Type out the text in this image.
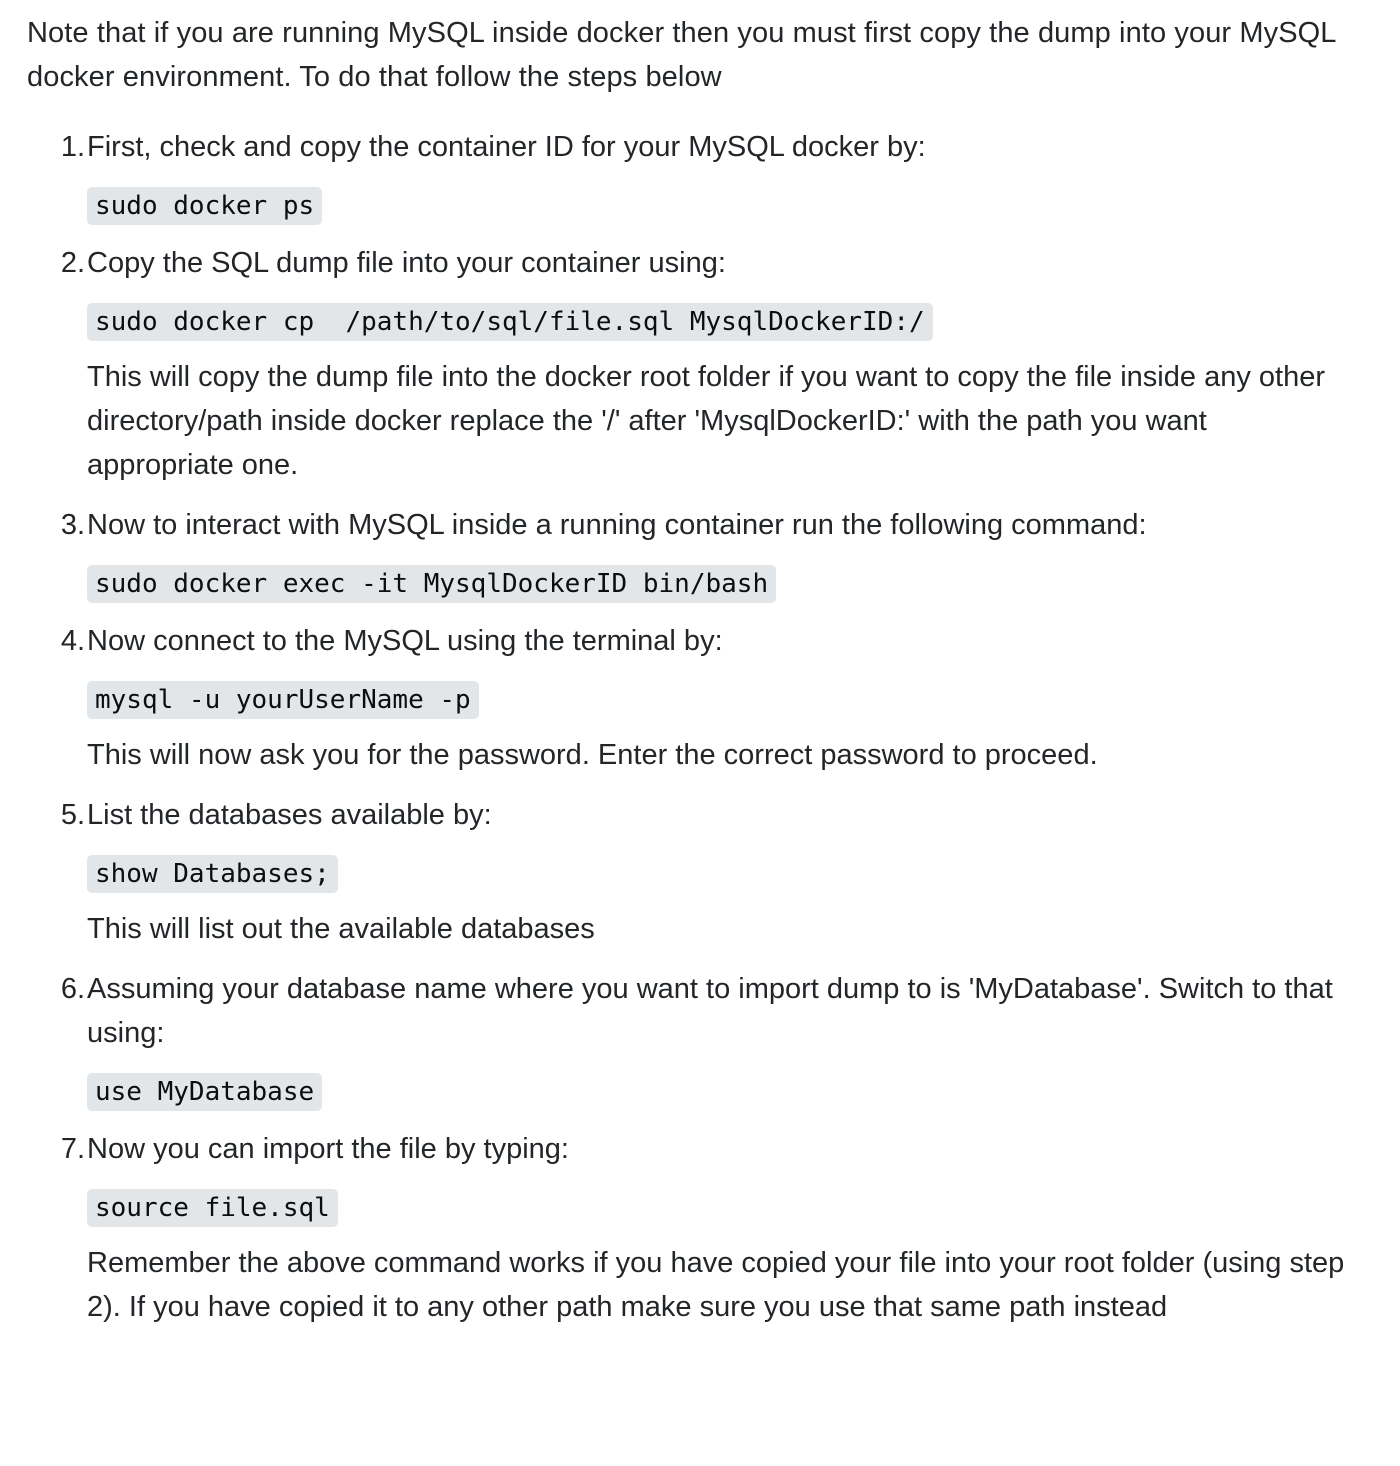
Note that if you are running MySQL inside docker then you must first copy the dump into your MySQL docker environment. To do that follow the steps below

1. First, check and copy the container ID for your MySQL docker by:
sudo docker ps
2. Copy the SQL dump file into your container using:
sudo docker cp  /path/to/sql/file.sql MysqlDockerID:/
This will copy the dump file into the docker root folder if you want to copy the file inside any other directory/path inside docker replace the '/' after 'MysqlDockerID:' with the path you want appropriate one.
3. Now to interact with MySQL inside a running container run the following command:
sudo docker exec -it MysqlDockerID bin/bash
4. Now connect to the MySQL using the terminal by:
mysql -u yourUserName -p
This will now ask you for the password. Enter the correct password to proceed.
5. List the databases available by:
show Databases;
This will list out the available databases
6. Assuming your database name where you want to import dump to is 'MyDatabase'. Switch to that using:
use MyDatabase
7. Now you can import the file by typing:
source file.sql
Remember the above command works if you have copied your file into your root folder (using step 2). If you have copied it to any other path make sure you use that same path instead
